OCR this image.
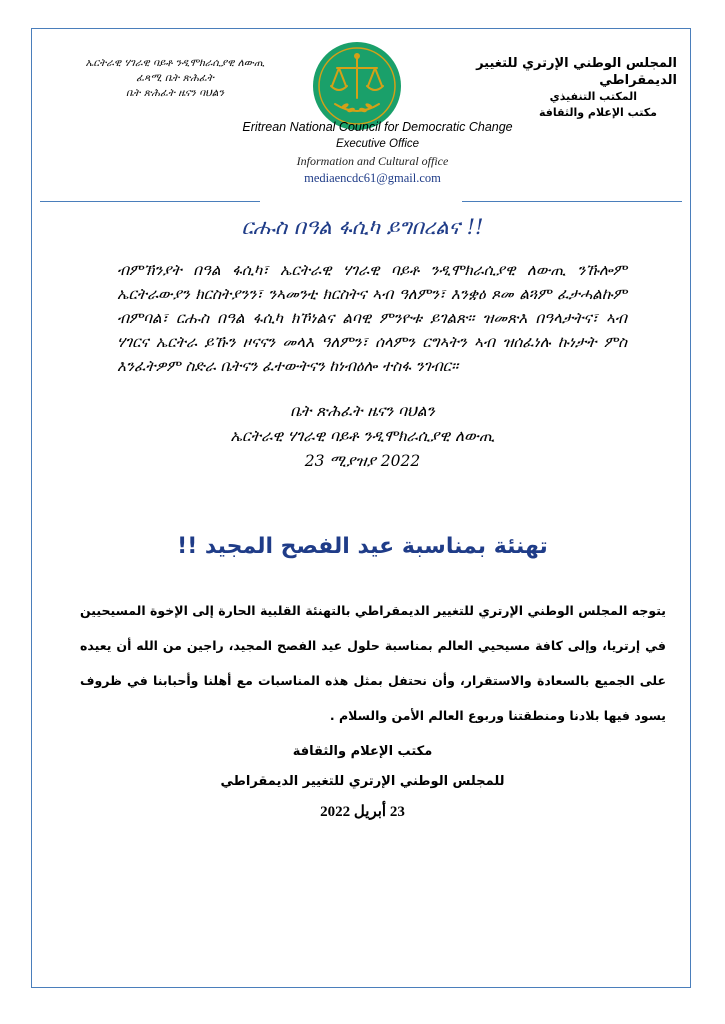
ኤርትራዊ ሃገራዊ ባይቶ ንዲሞክራሲያዊ ለውጢ
ፈጻሚ ቤት ጽሕፈት
ቤት ጽሕፈት ዜናን ባህልን
المجلس الوطني الإرتري للتغيير الديمقراطي
المكتب التنفيذي
مكتب الإعلام والثقافة
Eritrean National Council for Democratic Change
Executive Office
Information and Cultural office
mediaencdc61@gmail.com
ርሑስ በዓል ፋሲካ ይግበረልና !!
ብምኽንያት በዓል ፋሲካ፣ ኤርትራዊ ሃገራዊ ባይቶ ንዲሞክራሲያዊ ለውጢ ንኹሎም ኤርትራውያን ክርስትያንን፣ ንኣመንቲ ክርስትና ኣብ ዓለምን፣ እንቋዕ ጾመ ልጓም ፈታሓልኩም ብምባል፣ ርሑስ በዓል ፋሲካ ክኾነልና ልባዊ ምንዮቱ ይገልጽ። ዝመጽእ በዓላታትና፣ ኣብ ሃገርና ኤርትራ ይኹን ዞናናን መላእ ዓለምን፣ ሰላምን ርግኣትን ኣብ ዝሰፈነሉ ኩነታት ምስ እንፈትዎም ስድራ ቤትናን ፈተውትናን ከነብዕሎ ተስፋ ንገብር።
ቤት ጽሕፈት ዜናን ባህልን
ኤርትራዊ ሃገራዊ ባይቶ ንዲሞክራሲያዊ ለውጢ
23 ሚያዝያ 2022
تهنئة بمناسبة عيد الفصح المجيد !!
يتوجه المجلس الوطني الإرتري للتغيير الديمقراطي بالتهنئة القلبية الحارة إلى الإخوة المسيحيين في إرتريا، وإلى كافة مسيحيي العالم بمناسبة حلول عيد الفصح المجيد، راجين من الله أن يعيده على الجميع بالسعادة والاستقرار، وأن نحتفل بمثل هذه المناسبات مع أهلنا وأحبابنا في ظروف يسود فيها بلادنا ومنطقتنا وربوع العالم الأمن والسلام .
مكتب الإعلام والثقافة
للمجلس الوطني الإرتري للتغيير الديمقراطي
23 أبريل 2022
